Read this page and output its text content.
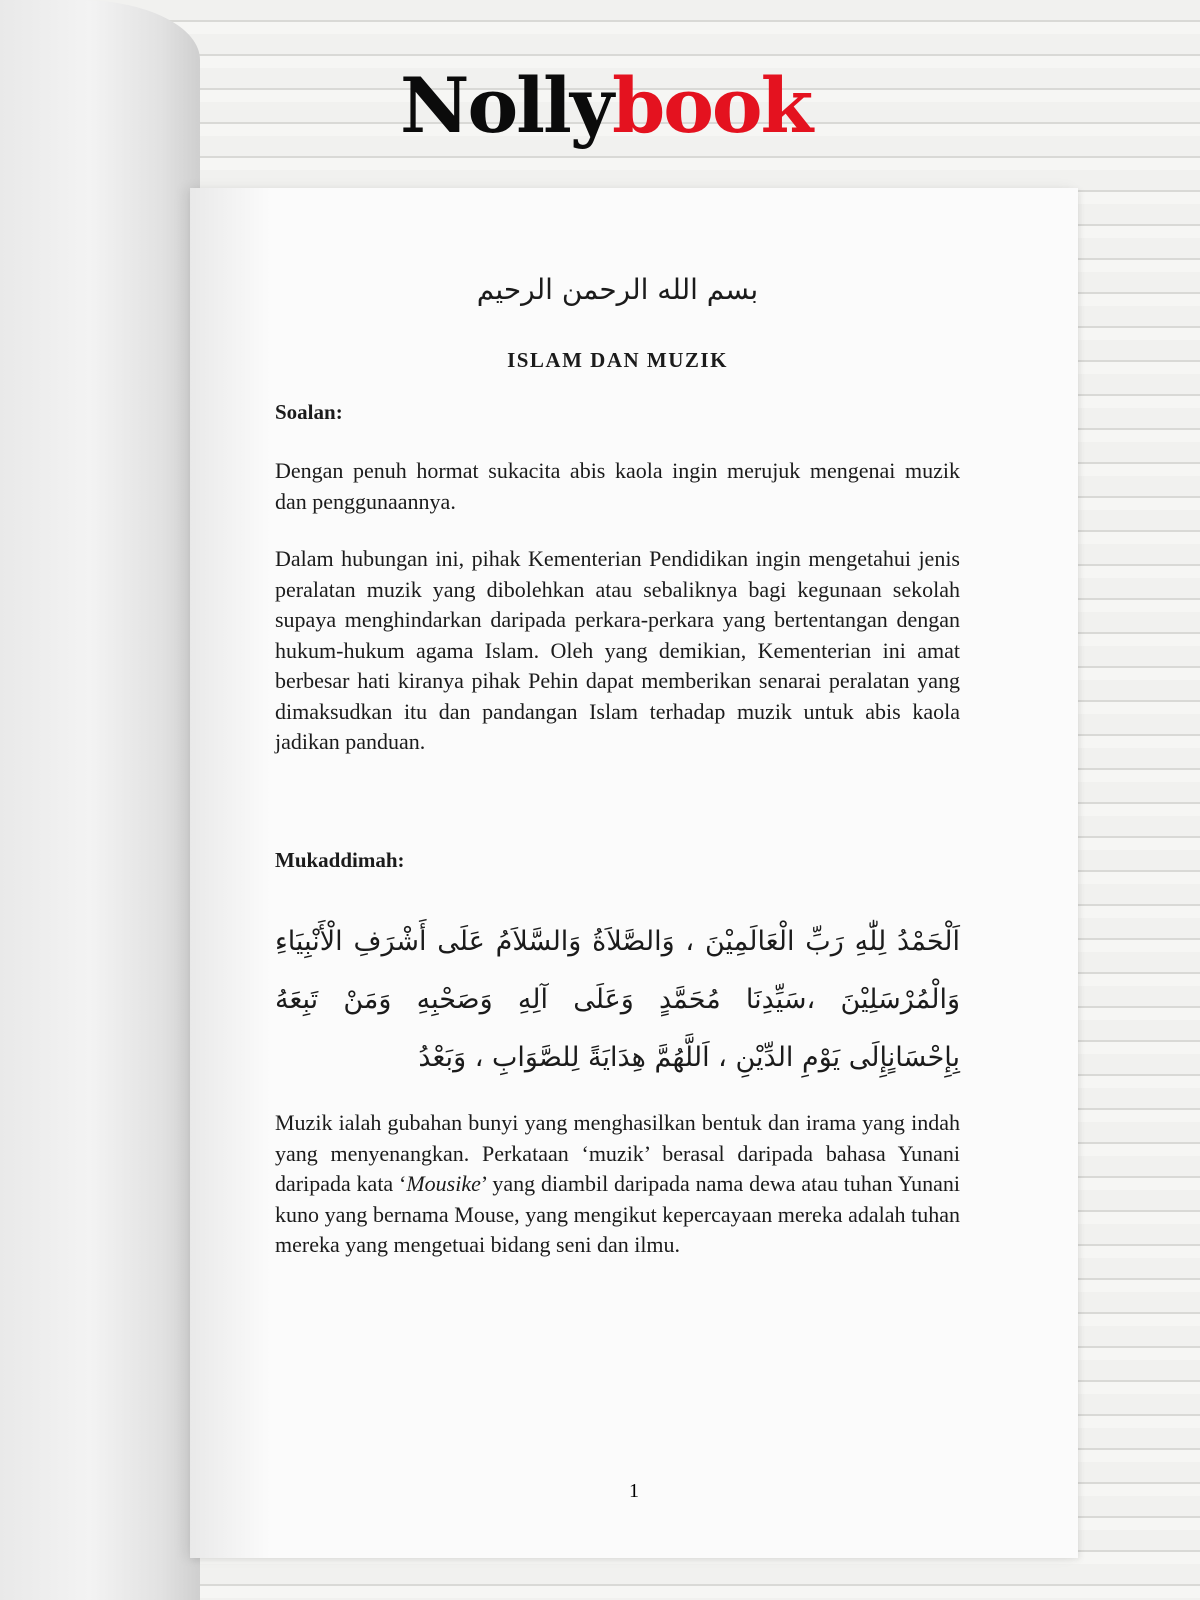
Nollybook
بسم الله الرحمن الرحيم
ISLAM DAN MUZIK
Soalan:
Dengan penuh hormat sukacita abis kaola ingin merujuk mengenai muzik dan penggunaannya.
Dalam hubungan ini, pihak Kementerian Pendidikan ingin mengetahui jenis peralatan muzik yang dibolehkan atau sebaliknya bagi kegunaan sekolah supaya menghindarkan daripada perkara-perkara yang bertentangan dengan hukum-hukum agama Islam. Oleh yang demikian, Kementerian ini amat berbesar hati kiranya pihak Pehin dapat memberikan senarai peralatan yang dimaksudkan itu dan pandangan Islam terhadap muzik untuk abis kaola jadikan panduan.
Mukaddimah:
اَلْحَمْدُ لِلّٰهِ رَبِّ الْعَالَمِيْنَ ، وَالصَّلاَةُ وَالسَّلاَمُ عَلَى أَشْرَفِ الْأَنْبِيَاءِ وَالْمُرْسَلِيْنَ ،سَيِّدِنَا مُحَمَّدٍ وَعَلَى آلِهِ وَصَحْبِهِ وَمَنْ تَبِعَهُ بِإِحْسَانٍإِلَى يَوْمِ الدِّيْنِ ، اَللَّهُمَّ هِدَايَةً لِلصَّوَابِ ، وَبَعْدُ
Muzik ialah gubahan bunyi yang menghasilkan bentuk dan irama yang indah yang menyenangkan. Perkataan ‘muzik’ berasal daripada bahasa Yunani daripada kata ‘Mousike’ yang diambil daripada nama dewa atau tuhan Yunani kuno yang bernama Mouse, yang mengikut kepercayaan mereka adalah tuhan mereka yang mengetuai bidang seni dan ilmu.
1
